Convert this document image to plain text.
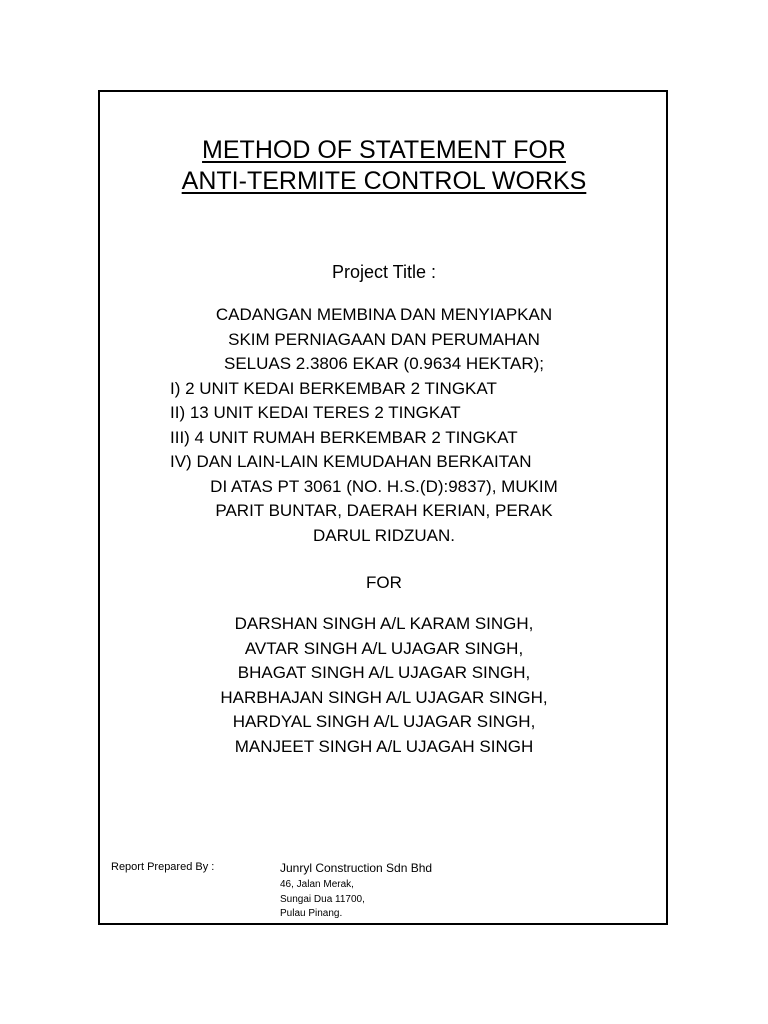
METHOD OF STATEMENT FOR
ANTI-TERMITE CONTROL WORKS
Project Title :
CADANGAN MEMBINA DAN MENYIAPKAN
SKIM PERNIAGAAN DAN PERUMAHAN
SELUAS 2.3806 EKAR (0.9634 HEKTAR);
I) 2 UNIT KEDAI BERKEMBAR 2 TINGKAT
II) 13 UNIT KEDAI TERES 2 TINGKAT
III) 4 UNIT RUMAH BERKEMBAR 2 TINGKAT
IV) DAN LAIN-LAIN KEMUDAHAN BERKAITAN
DI ATAS PT 3061 (NO. H.S.(D):9837), MUKIM
PARIT BUNTAR, DAERAH KERIAN, PERAK
DARUL RIDZUAN.
FOR
DARSHAN SINGH A/L KARAM SINGH,
AVTAR SINGH A/L UJAGAR SINGH,
BHAGAT SINGH A/L UJAGAR SINGH,
HARBHAJAN SINGH A/L UJAGAR SINGH,
HARDYAL SINGH A/L UJAGAR SINGH,
MANJEET SINGH A/L UJAGAH SINGH
Report Prepared By :	Junryl Construction Sdn Bhd
46, Jalan Merak,
Sungai Dua 11700,
Pulau Pinang.
